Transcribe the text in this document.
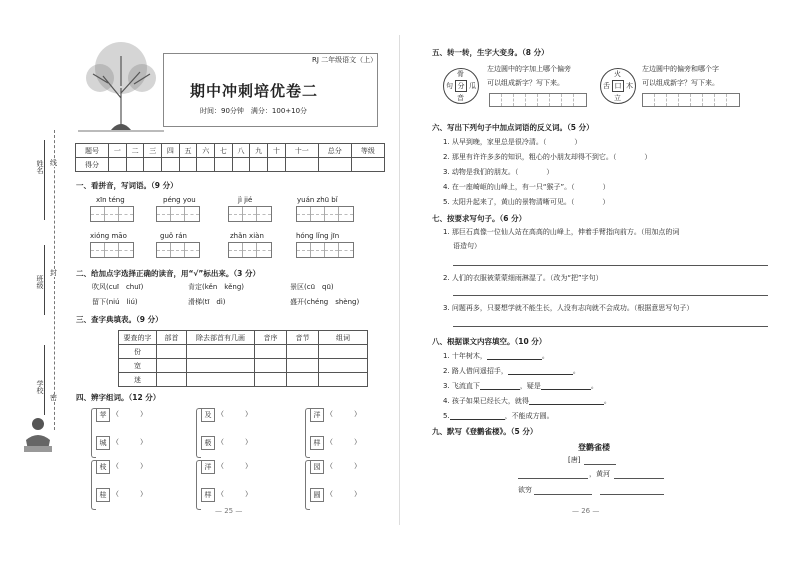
姓名
班级
学校
线
封
密
RJ 二年级语文（上）
期中冲刺培优卷二
时间：90分钟　满分：100+10分
题号	一	二	三	四	五	六	七	八	九	十	十一	总分	等级
得分													
一、看拼音，写词语。（9 分）
xīn téng	péng you	jì jié	yuán zhū bǐ
xióng māo	guǒ rán	zhǎn xiàn	hóng lǐng jīn
二、给加点字选择正确的读音，用“√”标出来。（3 分）
吹风(cuī　chuī)	肯定(kěn　kěng)	景区(cū　qū)
留下(niú　liú)	滑梯(tī　dì)	盛开(chéng　shèng)
三、查字典填表。（9 分）
要查的字	部首	除去部首有几画	音序	音节	组词
份					
宽					
迷					
四、辨字组词。（12 分）
苹 （　　　）
城 （　　　）
枝 （　　　）
桂 （　　　）
及 （　　　）
极 （　　　）
洋 （　　　）
样 （　　　）
洋 （　　　）
样 （　　　）
园 （　　　）
圆 （　　　）
— 25 —
五、转一转，生字大变身。（8 分）
分
骨
瓜
音
句
左边圆中的字加上哪个偏旁
可以组成新字？写下来。	口
火
木
立
舌
左边圆中的偏旁和哪个字
可以组成新字？写下来。
六、写出下列句子中加点词语的反义词。（5 分）
1. 从早到晚，家里总是很冷清。（　　　　）
2. 那里有许许多多的知识，粗心的小朋友却得不到它。（　　　　）
3. 动物是我们的朋友。（　　　　）
4. 在一座崎岖的山峰上，有一只“猴子”。（　　　　）
5. 太阳升起来了，黄山的景物清晰可见。（　　　　）
七、按要求写句子。（6 分）
1. 那巨石真像一位仙人站在高高的山峰上，伸着手臂指向前方。（用加点的词
语造句）
2. 人们的衣服被蒙蒙细雨淋湿了。（改为“把”字句）
3. 问题再多，只要想学就不能生长，人没有志向就不会成功。（根据意思写句子）
八、根据课文内容填空。（10 分）
1. 十年树木，	。
2. 路人借问遥招手，	。
3. 飞流直下	，疑是	。
4. 孩子如果已经长大，就得	。
5.	，不能成方圆。
九、默写《登鹳雀楼》。（5 分）
登鹳雀楼
[唐]
，黄河
欲穷
— 26 —
